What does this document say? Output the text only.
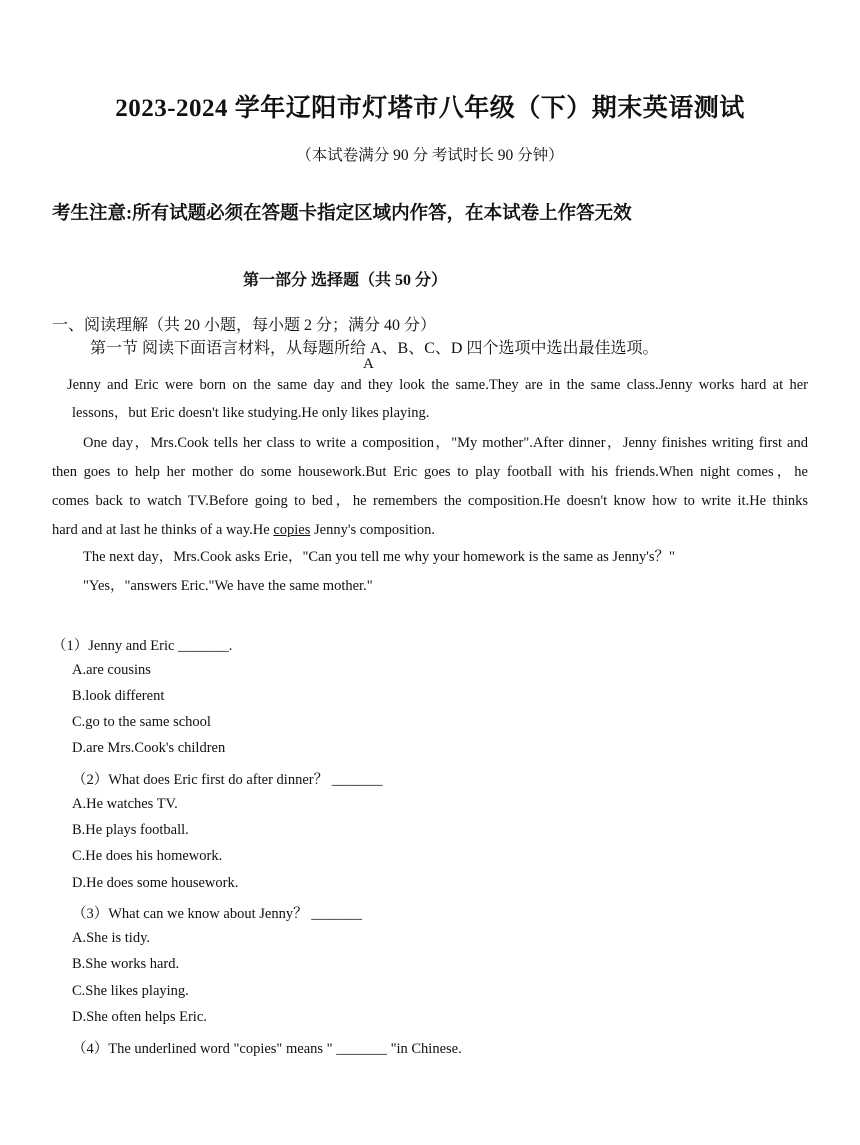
2023-2024 学年辽阳市灯塔市八年级（下）期末英语测试
（本试卷满分 90 分 考试时长 90 分钟）
考生注意:所有试题必须在答题卡指定区域内作答，在本试卷上作答无效
第一部分 选择题（共 50 分）
一、阅读理解（共 20 小题，每小题 2 分；满分 40 分）
第一节 阅读下面语言材料，从每题所给 A、B、C、D 四个选项中选出最佳选项。
A
Jenny and Eric were born on the same day and they look the same.They are in the same class.Jenny works hard at her
lessons，but Eric doesn't like studying.He only likes playing.
One day，Mrs.Cook tells her class to write a composition，"My mother".After dinner，Jenny finishes writing first and
then goes to help her mother do some housework.But Eric goes to play football with his friends.When night comes，he
comes back to watch TV.Before going to bed，he remembers the composition.He doesn't know how to write it.He thinks
hard and at last he thinks of a way.He copies Jenny's composition.
The next day，Mrs.Cook asks Erie，"Can you tell me why your homework is the same as Jenny's？"
"Yes，"answers Eric."We have the same mother."
（1）Jenny and Eric _______.
A.are cousins
B.look different
C.go to the same school
D.are Mrs.Cook's children
（2）What does Eric first do after dinner？ _______
A.He watches TV.
B.He plays football.
C.He does his homework.
D.He does some housework.
（3）What can we know about Jenny？ _______
A.She is tidy.
B.She works hard.
C.She likes playing.
D.She often helps Eric.
（4）The underlined word "copies" means " _______ "in Chinese.
